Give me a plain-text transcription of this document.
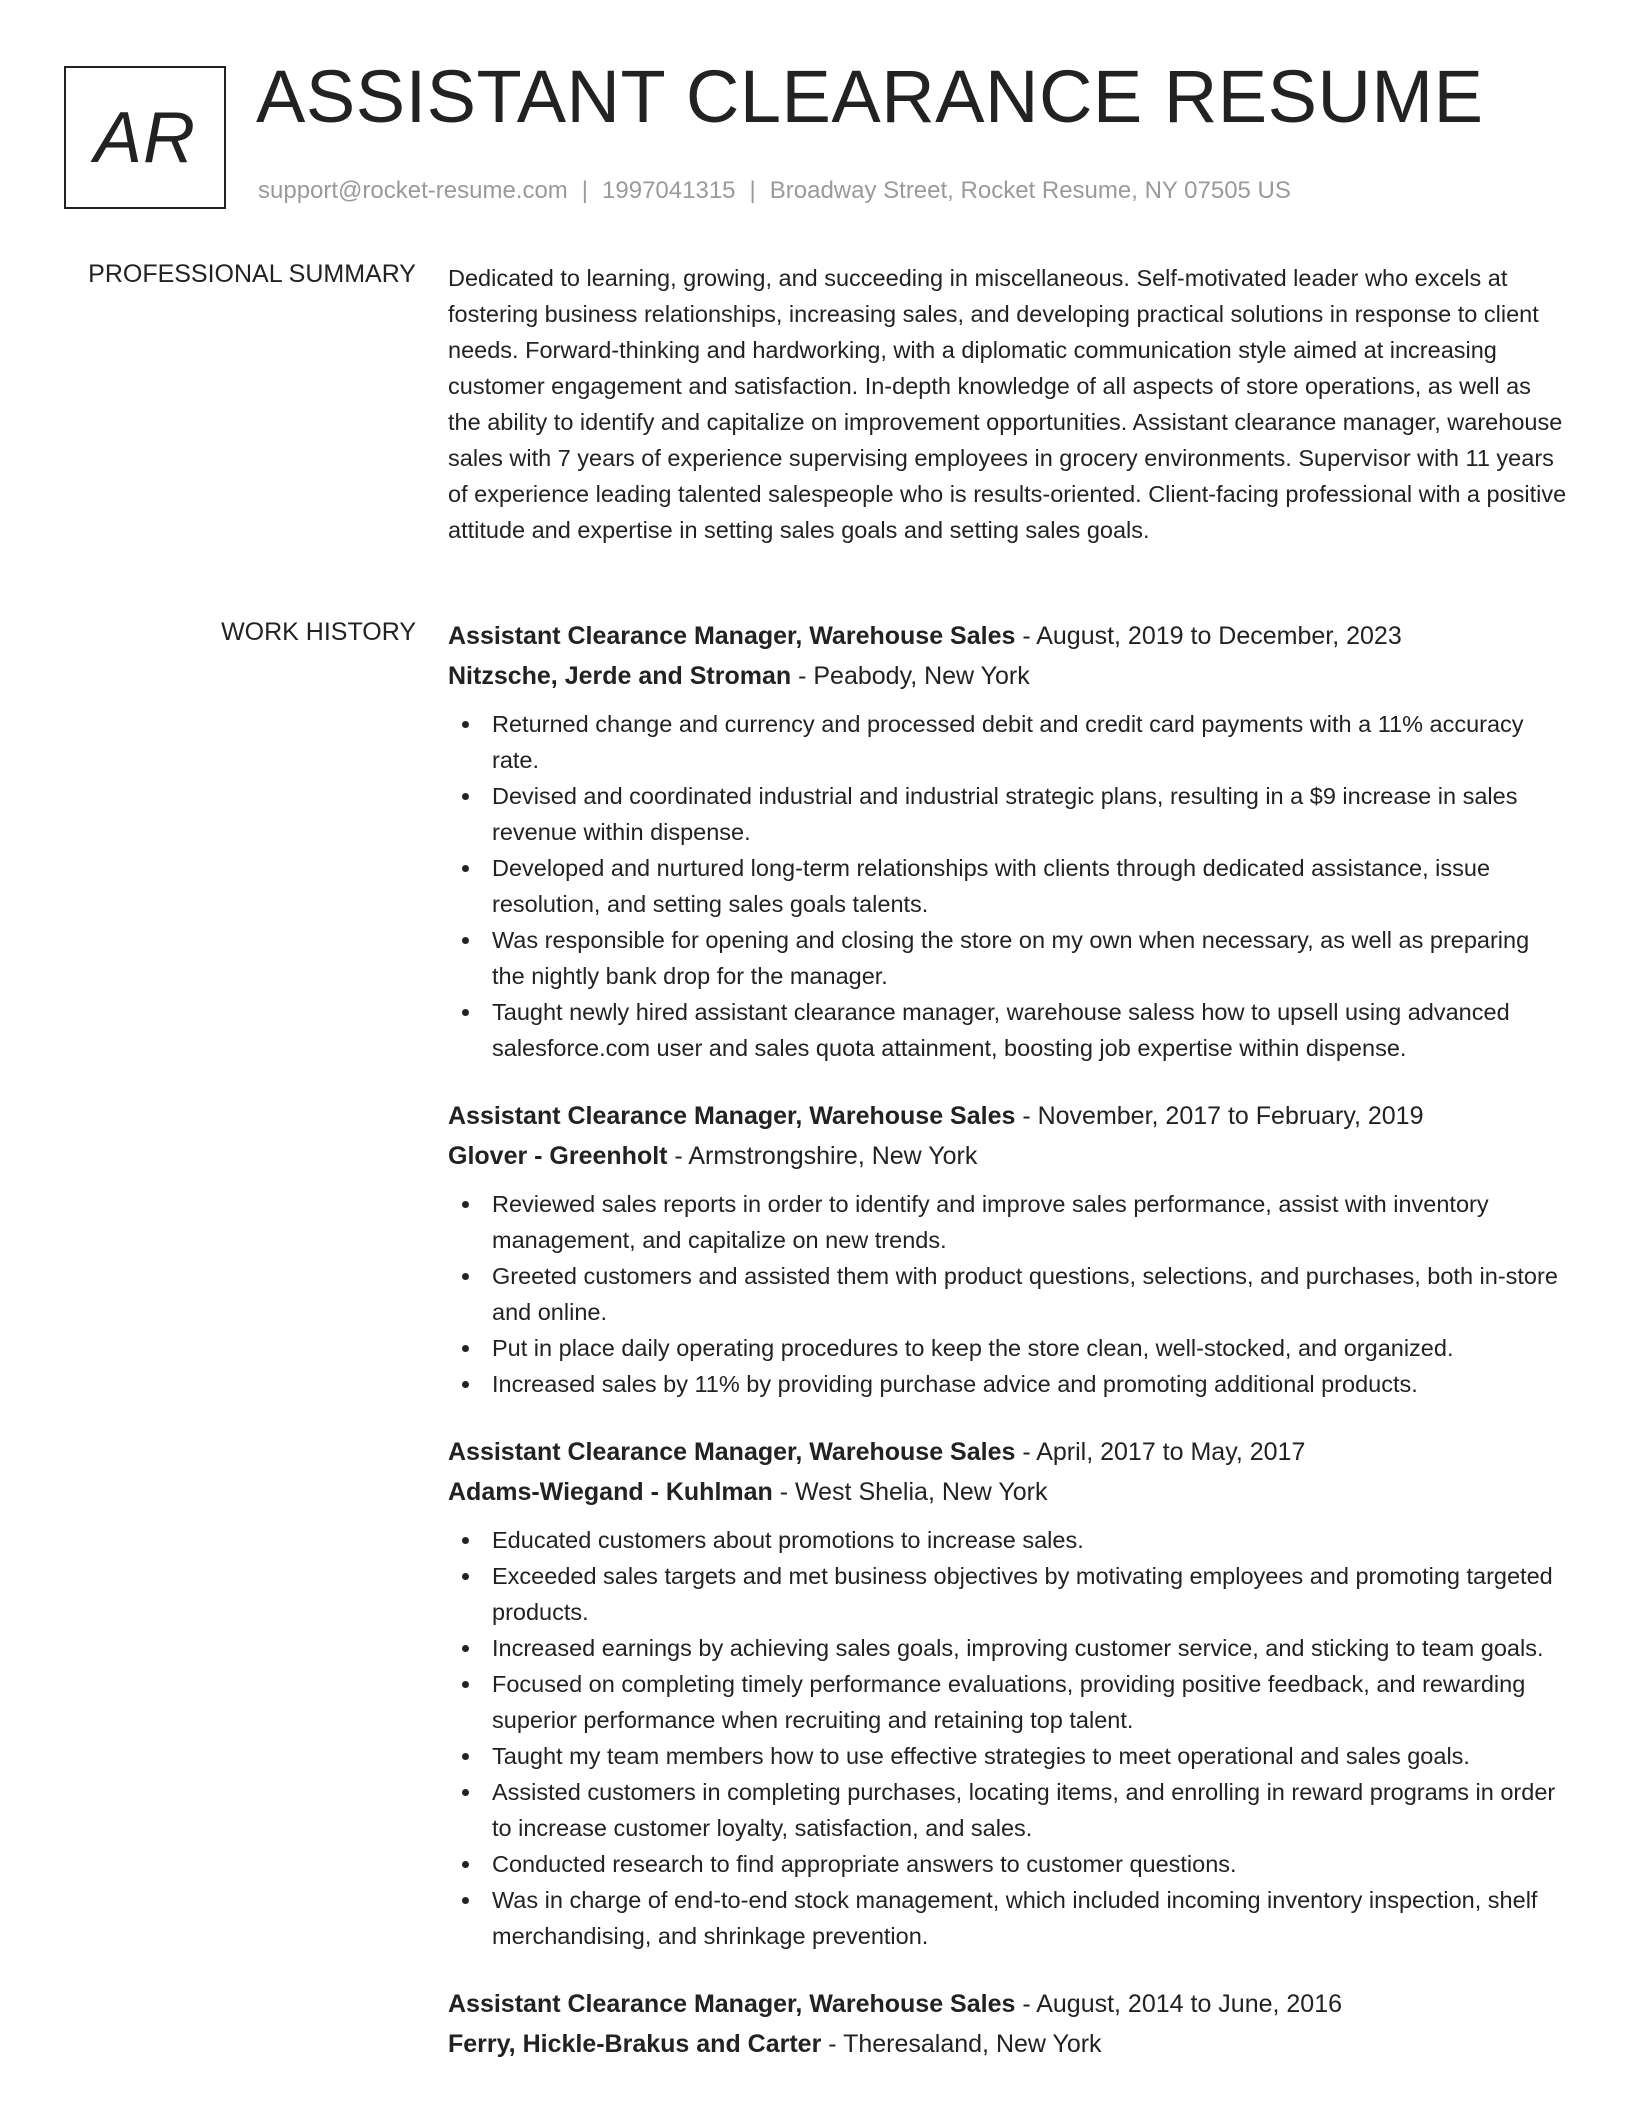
AR ASSISTANT CLEARANCE RESUME
support@rocket-resume.com | 1997041315 | Broadway Street, Rocket Resume, NY 07505 US
PROFESSIONAL SUMMARY Dedicated to learning, growing, and succeeding in miscellaneous. Self-motivated leader who excels at fostering business relationships, increasing sales, and developing practical solutions in response to client needs. Forward-thinking and hardworking, with a diplomatic communication style aimed at increasing customer engagement and satisfaction. In-depth knowledge of all aspects of store operations, as well as the ability to identify and capitalize on improvement opportunities. Assistant clearance manager, warehouse sales with 7 years of experience supervising employees in grocery environments. Supervisor with 11 years of experience leading talented salespeople who is results-oriented. Client-facing professional with a positive attitude and expertise in setting sales goals and setting sales goals.
WORK HISTORY Assistant Clearance Manager, Warehouse Sales - August, 2019 to December, 2023
Nitzsche, Jerde and Stroman - Peabody, New York
Returned change and currency and processed debit and credit card payments with a 11% accuracy rate.
Devised and coordinated industrial and industrial strategic plans, resulting in a $9 increase in sales revenue within dispense.
Developed and nurtured long-term relationships with clients through dedicated assistance, issue resolution, and setting sales goals talents.
Was responsible for opening and closing the store on my own when necessary, as well as preparing the nightly bank drop for the manager.
Taught newly hired assistant clearance manager, warehouse saless how to upsell using advanced salesforce.com user and sales quota attainment, boosting job expertise within dispense.
Assistant Clearance Manager, Warehouse Sales - November, 2017 to February, 2019
Glover - Greenholt - Armstrongshire, New York
Reviewed sales reports in order to identify and improve sales performance, assist with inventory management, and capitalize on new trends.
Greeted customers and assisted them with product questions, selections, and purchases, both in-store and online.
Put in place daily operating procedures to keep the store clean, well-stocked, and organized.
Increased sales by 11% by providing purchase advice and promoting additional products.
Assistant Clearance Manager, Warehouse Sales - April, 2017 to May, 2017
Adams-Wiegand - Kuhlman - West Shelia, New York
Educated customers about promotions to increase sales.
Exceeded sales targets and met business objectives by motivating employees and promoting targeted products.
Increased earnings by achieving sales goals, improving customer service, and sticking to team goals.
Focused on completing timely performance evaluations, providing positive feedback, and rewarding superior performance when recruiting and retaining top talent.
Taught my team members how to use effective strategies to meet operational and sales goals.
Assisted customers in completing purchases, locating items, and enrolling in reward programs in order to increase customer loyalty, satisfaction, and sales.
Conducted research to find appropriate answers to customer questions.
Was in charge of end-to-end stock management, which included incoming inventory inspection, shelf merchandising, and shrinkage prevention.
Assistant Clearance Manager, Warehouse Sales - August, 2014 to June, 2016
Ferry, Hickle-Brakus and Carter - Theresaland, New York
